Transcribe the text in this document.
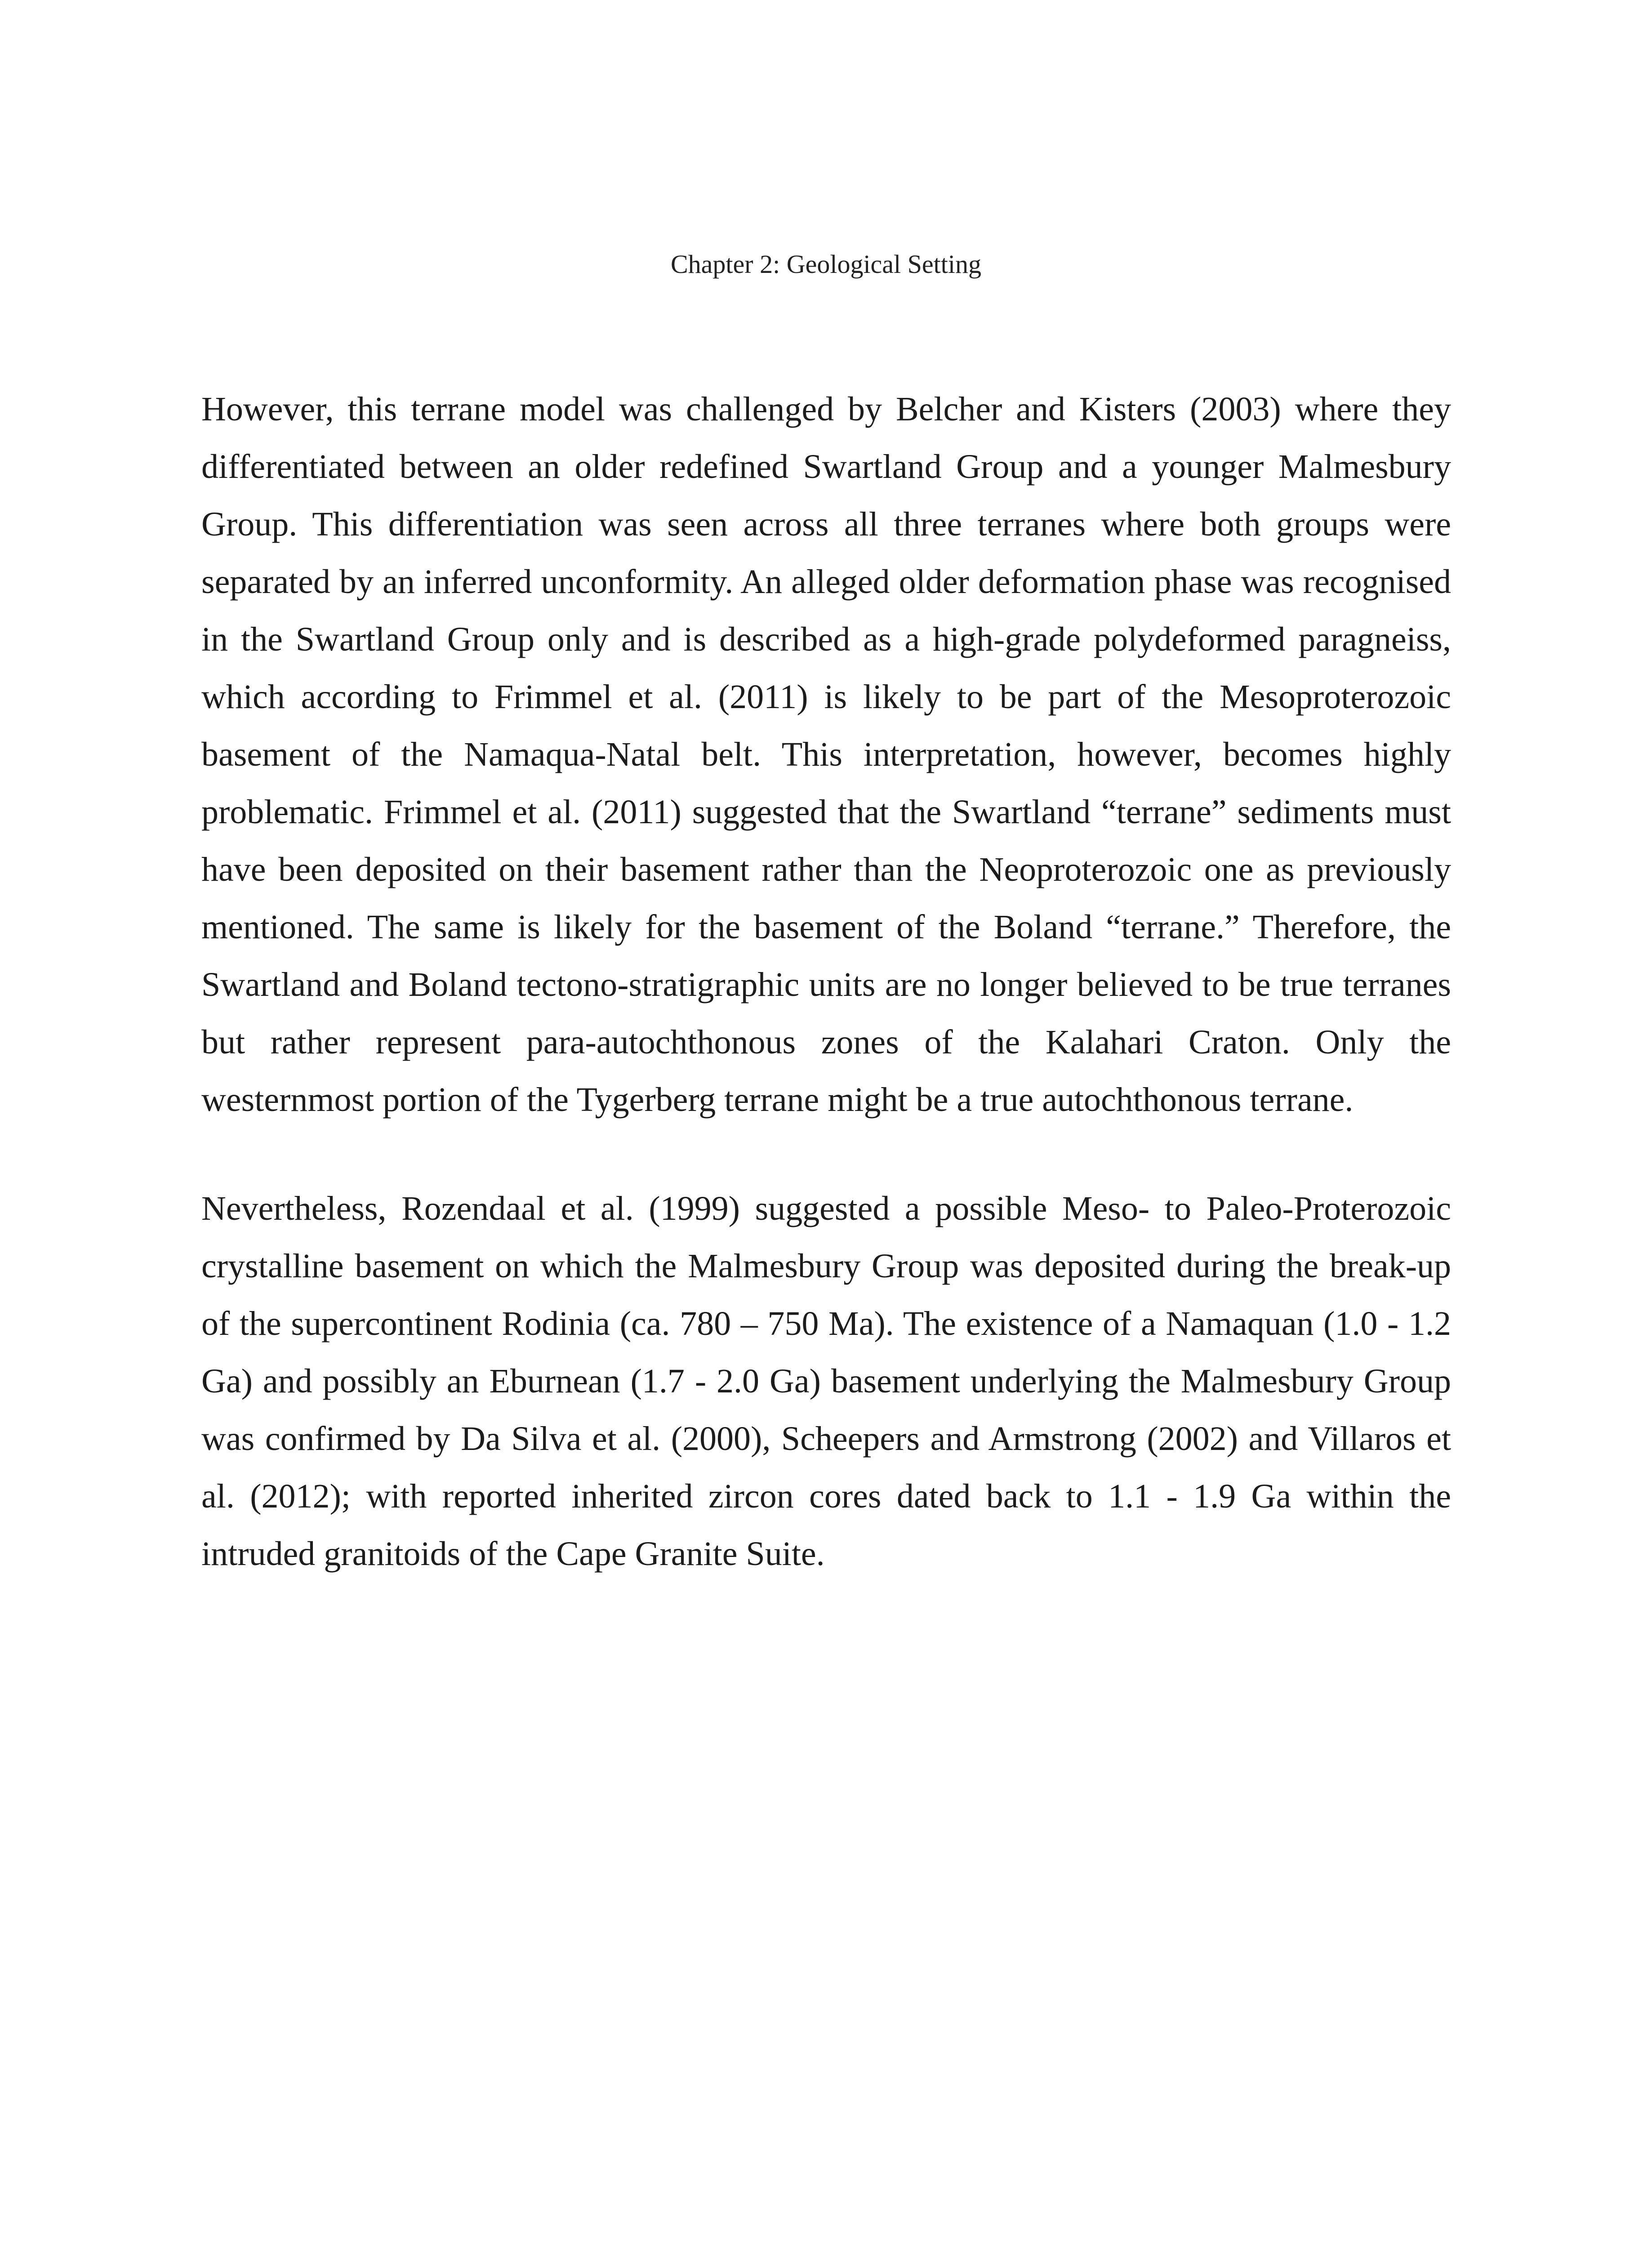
Chapter 2: Geological Setting

However, this terrane model was challenged by Belcher and Kisters (2003) where they differentiated between an older redefined Swartland Group and a younger Malmesbury Group. This differentiation was seen across all three terranes where both groups were separated by an inferred unconformity. An alleged older deformation phase was recognised in the Swartland Group only and is described as a high-grade polydeformed paragneiss, which according to Frimmel et al. (2011) is likely to be part of the Mesoproterozoic basement of the Namaqua-Natal belt. This interpretation, however, becomes highly problematic. Frimmel et al. (2011) suggested that the Swartland “terrane” sediments must have been deposited on their basement rather than the Neoproterozoic one as previously mentioned. The same is likely for the basement of the Boland “terrane.” Therefore, the Swartland and Boland tectono-stratigraphic units are no longer believed to be true terranes but rather represent para-autochthonous zones of the Kalahari Craton. Only the westernmost portion of the Tygerberg terrane might be a true autochthonous terrane.

Nevertheless, Rozendaal et al. (1999) suggested a possible Meso- to Paleo-Proterozoic crystalline basement on which the Malmesbury Group was deposited during the break-up of the supercontinent Rodinia (ca. 780 – 750 Ma). The existence of a Namaquan (1.0 - 1.2 Ga) and possibly an Eburnean (1.7 - 2.0 Ga) basement underlying the Malmesbury Group was confirmed by Da Silva et al. (2000), Scheepers and Armstrong (2002) and Villaros et al. (2012); with reported inherited zircon cores dated back to 1.1 - 1.9 Ga within the intruded granitoids of the Cape Granite Suite.
